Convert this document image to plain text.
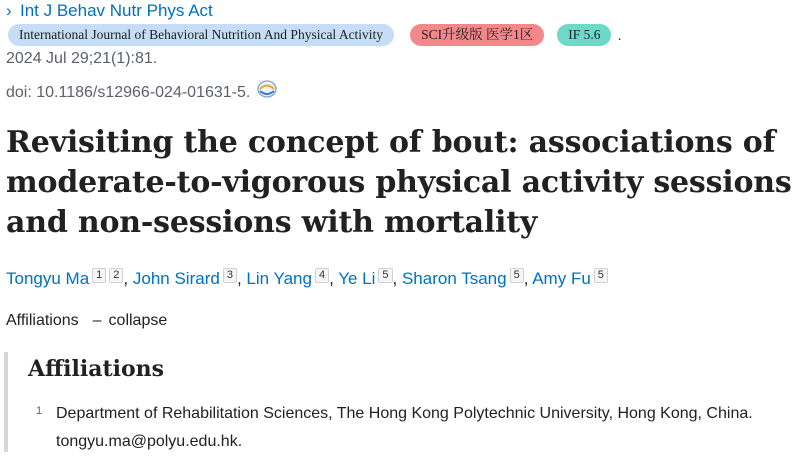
› Int J Behav Nutr Phys Act
International Journal of Behavioral Nutrition And Physical Activity	SCI升级版 医学1区	IF 5.6	.
2024 Jul 29;21(1):81.
doi: 10.1186/s12966-024-01631-5.
Revisiting the concept of bout: associations of moderate-to-vigorous physical activity sessions and non-sessions with mortality
Tongyu Ma 1 2 , John Sirard 3 , Lin Yang 4 , Ye Li 5 , Sharon Tsang 5 , Amy Fu 5
Affiliations – collapse
Affiliations
1 Department of Rehabilitation Sciences, The Hong Kong Polytechnic University, Hong Kong, China. tongyu.ma@polyu.edu.hk.
